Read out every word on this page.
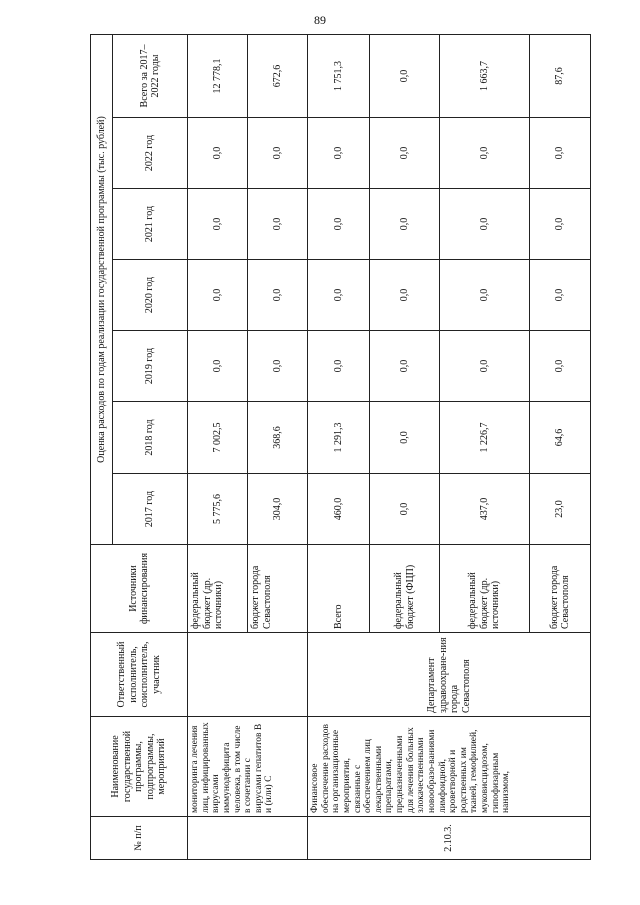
89
№ п/п	Наименование государственной программы, подпрограммы, мероприятий	Ответственный исполнитель, соисполнитель, участник	Источники финансирования	Оценка расходов по годам реализации государственной программы (тыс. рублей)						
				2017 год	2018 год	2019 год	2020 год	2021 год	2022 год	Всего за 2017–2022 годы
	мониторинга лечения лиц, инфицированных вирусами иммунодефицита человека, в том числе в сочетании с вирусами гепатитов В и (или) С		федеральный бюджет (др. источники)	5 775,6	7 002,5	0,0	0,0	0,0	0,0	12 778,1
			бюджет города Севастополя	304,0	368,6	0,0	0,0	0,0	0,0	672,6
2.10.3.	Финансовое обеспечение расходов на организационные мероприятия, связанные с обеспечением лиц лекарственными препаратами, предназначенными для лечения больных злокачественными новообразо-ваниями лимфоидной, кроветворной и родственных им тканей, гемофилией, муковисцидозом, гипофизарным нанизмом,	Департамент здравоохране-ния города Севастополя	Всего	460,0	1 291,3	0,0	0,0	0,0	0,0	1 751,3
			федеральный бюджет (ФЦП)	0,0	0,0	0,0	0,0	0,0	0,0	0,0
			федеральный бюджет (др. источники)	437,0	1 226,7	0,0	0,0	0,0	0,0	1 663,7
			бюджет города Севастополя	23,0	64,6	0,0	0,0	0,0	0,0	87,6
